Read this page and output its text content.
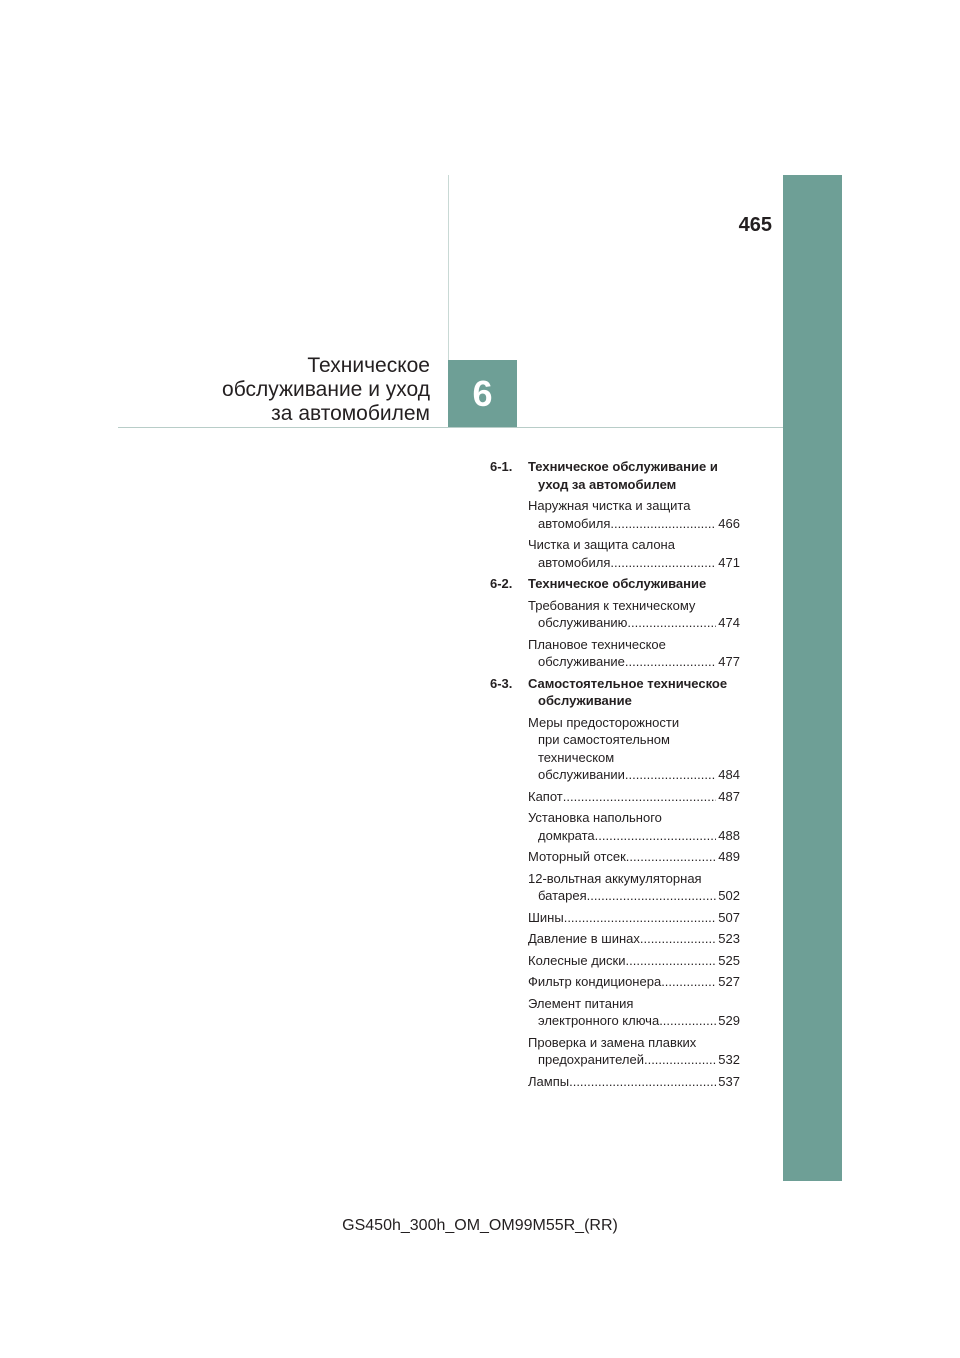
465
Техническое
обслуживание и уход
за автомобилем 6
6-1.	Техническое обслуживание и
уход за автомобилем
Наружная чистка и защита
автомобиля .....	466
Чистка и защита салона
автомобиля .....	471
6-2.	Техническое обслуживание
Требования к техническому
обслуживанию .....	474
Плановое техническое
обслуживание .....	477
6-3.	Самостоятельное техническое
обслуживание
Меры предосторожности
при самостоятельном
техническом
обслуживании .....	484
Капот .....	487
Установка напольного
домкрата .....	488
Моторный отсек .....	489
12-вольтная аккумуляторная
батарея .....	502
Шины .....	507
Давление в шинах .....	523
Колесные диски .....	525
Фильтр кондиционера .....	527
Элемент питания
электронного ключа .....	529
Проверка и замена плавких
предохранителей .....	532
Лампы .....	537
GS450h_300h_OM_OM99M55R_(RR)
